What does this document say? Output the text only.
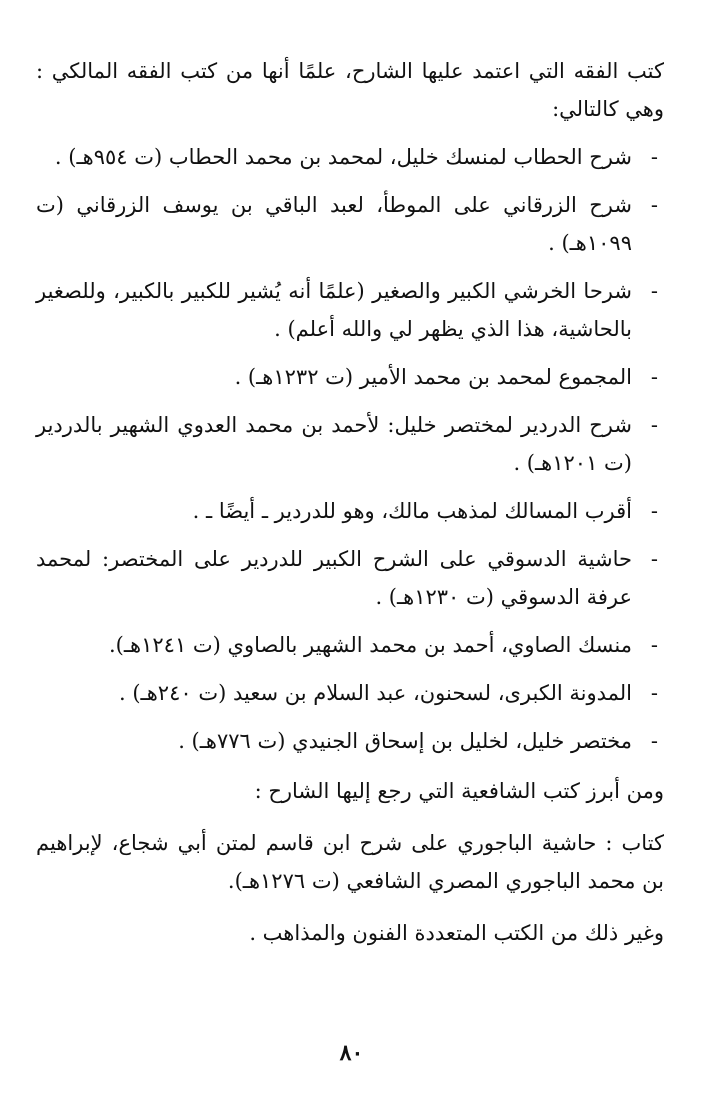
كتب الفقه التي اعتمد عليها الشارح، علمًا أنها من كتب الفقه المالكي : وهي كالتالي:

-
شرح الحطاب لمنسك خليل، لمحمد بن محمد الحطاب (ت ٩٥٤هـ) .
-
شرح الزرقاني على الموطأ، لعبد الباقي بن يوسف الزرقاني (ت ١٠٩٩هـ) .
-
شرحا الخرشي الكبير والصغير (علمًا أنه يُشير للكبير بالكبير، وللصغير بالحاشية، هذا الذي يظهر لي والله أعلم) .
-
المجموع لمحمد بن محمد الأمير (ت ١٢٣٢هـ) .
-
شرح الدردير لمختصر خليل: لأحمد بن محمد العدوي الشهير بالدردير (ت ١٢٠١هـ) .
-
أقرب المسالك لمذهب مالك، وهو للدردير ـ أيضًا ـ .
-
حاشية الدسوقي على الشرح الكبير للدردير على المختصر: لمحمد عرفة الدسوقي (ت ١٢٣٠هـ) .
-
منسك الصاوي، أحمد بن محمد الشهير بالصاوي (ت ١٢٤١هـ).
-
المدونة الكبرى، لسحنون، عبد السلام بن سعيد (ت ٢٤٠هـ) .
-
مختصر خليل، لخليل بن إسحاق الجنيدي (ت ٧٧٦هـ) .

ومن أبرز كتب الشافعية التي رجع إليها الشارح :

كتاب : حاشية الباجوري على شرح ابن قاسم لمتن أبي شجاع، لإبراهيم بن محمد الباجوري المصري الشافعي (ت ١٢٧٦هـ).

وغير ذلك من الكتب المتعددة الفنون والمذاهب .

٨٠
